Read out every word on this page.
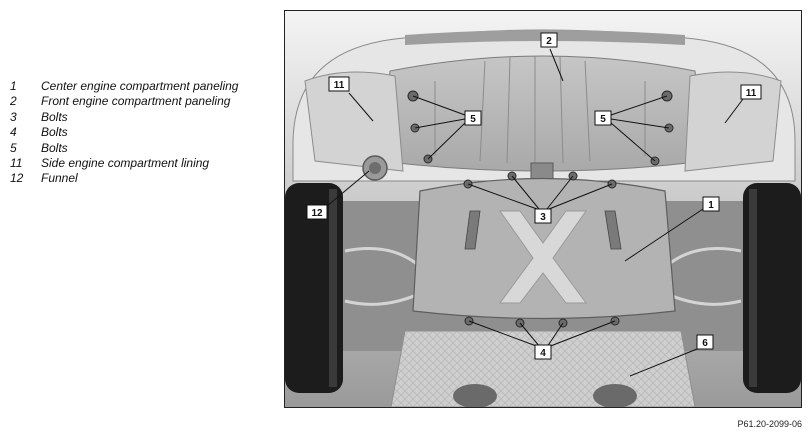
1	Center engine compartment paneling
2	Front engine compartment paneling
3	Bolts
4	Bolts
5	Bolts
11	Side engine compartment lining
12	Funnel
2
5	5
11
11
3
1
12
4
6
P61.20-2099-06
